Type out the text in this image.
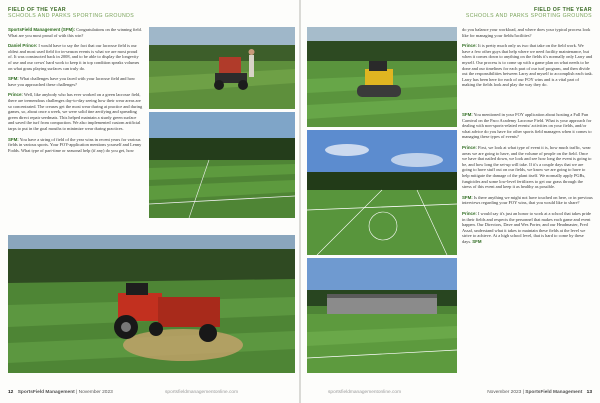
FIELD OF THE YEAR
SCHOOLS AND PARKS SPORTING GROUNDS

SportsField Management (SFM): Congratulations on the winning field. What are you most proud of with this win?

Daniel Prince: I would have to say the fact that our lacrosse field is our oldest and most used field for in-season events is what we are most proud of. It was constructed back in 2008, and to be able to display the longevity of use and our crews' hard work to keep it in top condition speaks volumes on what grass playing surfaces can truly do.

SFM: What challenges have you faced with your lacrosse field and how have you approached these challenges?

Prince: Well, like anybody who has ever worked on a green lacrosse field, there are tremendous challenges day-to-day seeing how their wear areas are so concentrated. The creases get the most wear during at practice and during games, so, about once a week, we were solid tine aerifying and spreading green direct repair seedmats. This helped maintain a sturdy green surface and saved the turf from compaction. We also implemented custom artificial tarps to put in the goal mouths to minimize wear during practices.

SFM: You have a string of field of the year wins in recent years for various fields in various sports. Your FOY-application mentions yourself and Lenny Fodds. What type of part-time or seasonal help (if any) do you get, how

12 SportsField Management | November 2023	sportsfieldmanagementonline.com
FIELD OF THE YEAR
SCHOOLS AND PARKS SPORTING GROUNDS

do you balance your workload, and where does your typical process look like for managing your fields/facilities?

Prince: It is pretty much only us two that take on the field work. We have a few other guys that help where we need facility maintenance, but when it comes down to anything on the fields it's normally only Larry and myself. Our process is to come up with a game plan on what needs to be done and our timelines for each part of our turf program, and then divide out the responsibilities between Larry and myself to accomplish each task. Larry has been here for each of our FOY wins and is a vital part of making the fields look and play the way they do.

SFM: You mentioned in your FOY application about hosting a Fall Fun Carnival on the Paco Academy Lacrosse Field. What is your approach for dealing with non-sports-related events/ activities on your fields, and/or what advice do you have for other sports field managers when it comes to managing these types of events?

Prince: First, we look at what type of event it is, how much traffic, wear areas we are going to have, and the volume of people on the field. Once we have that nailed down, we look and see how long the event is going to be, and how long the set-up will take. If it's a couple days that we are going to have stuff out on our fields, we know we are going to have to help mitigate the damage of the plant itself. We normally apply PGRs, fungicides and some low-level fertilizers to get our grass through the stress of this event and keep it as healthy as possible.

SFM: Is there anything we might not have touched on here, or in previous interviews regarding your FOY wins, that you would like to share?

Prince: I would say it's just an honor to work at a school that takes pride in their fields and respects the personnel that makes each game and event happen. Our Directors, Dave and Wes Porter, and our Headmaster, Fred Assaf, understand what it takes to maintain these fields at the level we strive to achieve. At a high school level, that is hard to come by these days. SFM

sportsfieldmanagementonline.com	November 2023 | SportsField Management 13
